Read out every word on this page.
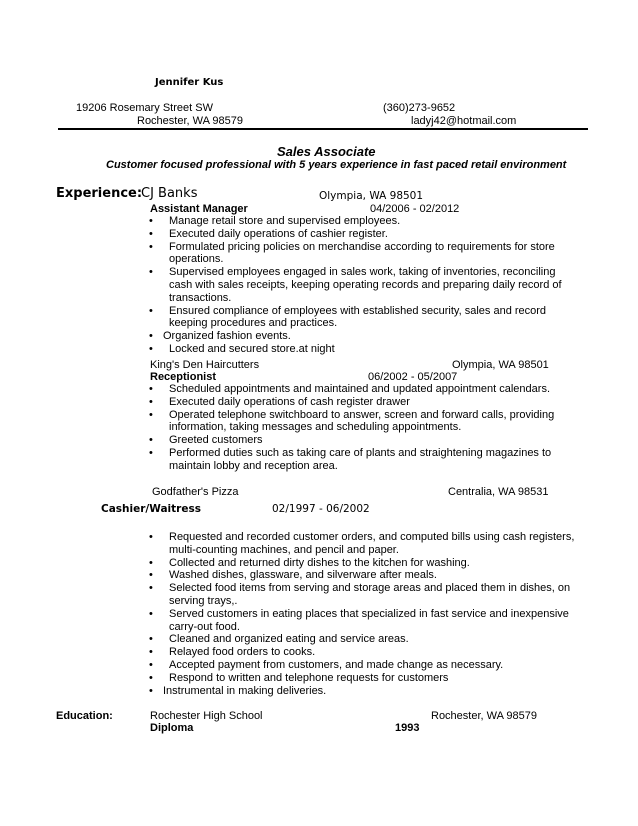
Jennifer Kus
19206 Rosemary Street SW
Rochester, WA 98579
(360)273-9652
ladyj42@hotmail.com
Sales Associate
Customer focused professional with 5 years experience in fast paced retail environment
Experience:
CJ Banks	Olympia, WA 98501
Assistant Manager	04/2006 - 02/2012
• Manage retail store and supervised employees.
• Executed daily operations of cashier register.
• Formulated pricing policies on merchandise according to requirements for store operations.
• Supervised employees engaged in sales work, taking of inventories, reconciling cash with sales receipts, keeping operating records and preparing daily record of transactions.
• Ensured compliance of employees with established security, sales and record keeping procedures and practices.
• Organized fashion events.
• Locked and secured store.at night
King's Den Haircutters	Olympia, WA 98501
Receptionist	06/2002 - 05/2007
• Scheduled appointments and maintained and updated appointment calendars.
• Executed daily operations of cash register drawer
• Operated telephone switchboard to answer, screen and forward calls, providing information, taking messages and scheduling appointments.
• Greeted customers
• Performed duties such as taking care of plants and straightening magazines to maintain lobby and reception area.
Godfather's Pizza	Centralia, WA 98531
Cashier/Waitress	02/1997 - 06/2002
• Requested and recorded customer orders, and computed bills using cash registers, multi-counting machines, and pencil and paper.
• Collected and returned dirty dishes to the kitchen for washing.
• Washed dishes, glassware, and silverware after meals.
• Selected food items from serving and storage areas and placed them in dishes, on serving trays,.
• Served customers in eating places that specialized in fast service and inexpensive carry-out food.
• Cleaned and organized eating and service areas.
• Relayed food orders to cooks.
• Accepted payment from customers, and made change as necessary.
• Respond to written and telephone requests for customers
• Instrumental in making deliveries.
Education:	Rochester High School	Rochester, WA 98579
Diploma	1993
